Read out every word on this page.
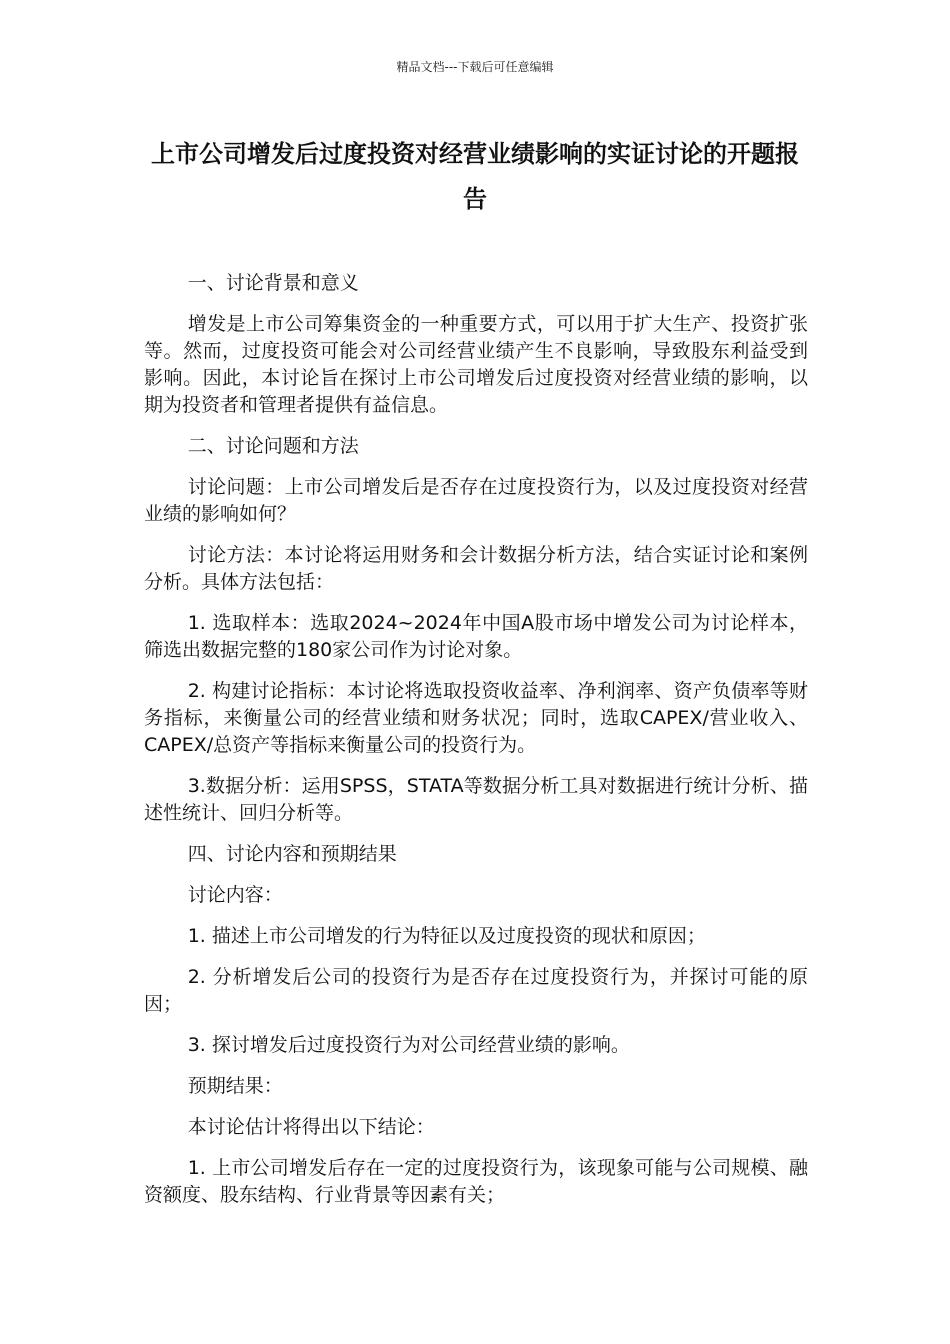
精品文档---下载后可任意编辑
上市公司增发后过度投资对经营业绩影响的实证讨论的开题报告

一、讨论背景和意义

增发是上市公司筹集资金的一种重要方式，可以用于扩大生产、投资扩张等。然而，过度投资可能会对公司经营业绩产生不良影响，导致股东利益受到影响。因此，本讨论旨在探讨上市公司增发后过度投资对经营业绩的影响，以期为投资者和管理者提供有益信息。

二、讨论问题和方法

讨论问题：上市公司增发后是否存在过度投资行为，以及过度投资对经营业绩的影响如何？

讨论方法：本讨论将运用财务和会计数据分析方法，结合实证讨论和案例分析。具体方法包括：

1. 选取样本：选取2024~2024年中国A股市场中增发公司为讨论样本，筛选出数据完整的180家公司作为讨论对象。

2. 构建讨论指标：本讨论将选取投资收益率、净利润率、资产负债率等财务指标，来衡量公司的经营业绩和财务状况；同时，选取CAPEX/营业收入、CAPEX/总资产等指标来衡量公司的投资行为。

3.数据分析：运用SPSS，STATA等数据分析工具对数据进行统计分析、描述性统计、回归分析等。

四、讨论内容和预期结果

讨论内容：

1. 描述上市公司增发的行为特征以及过度投资的现状和原因；

2. 分析增发后公司的投资行为是否存在过度投资行为，并探讨可能的原因；

3. 探讨增发后过度投资行为对公司经营业绩的影响。

预期结果：

本讨论估计将得出以下结论：

1. 上市公司增发后存在一定的过度投资行为，该现象可能与公司规模、融资额度、股东结构、行业背景等因素有关；
